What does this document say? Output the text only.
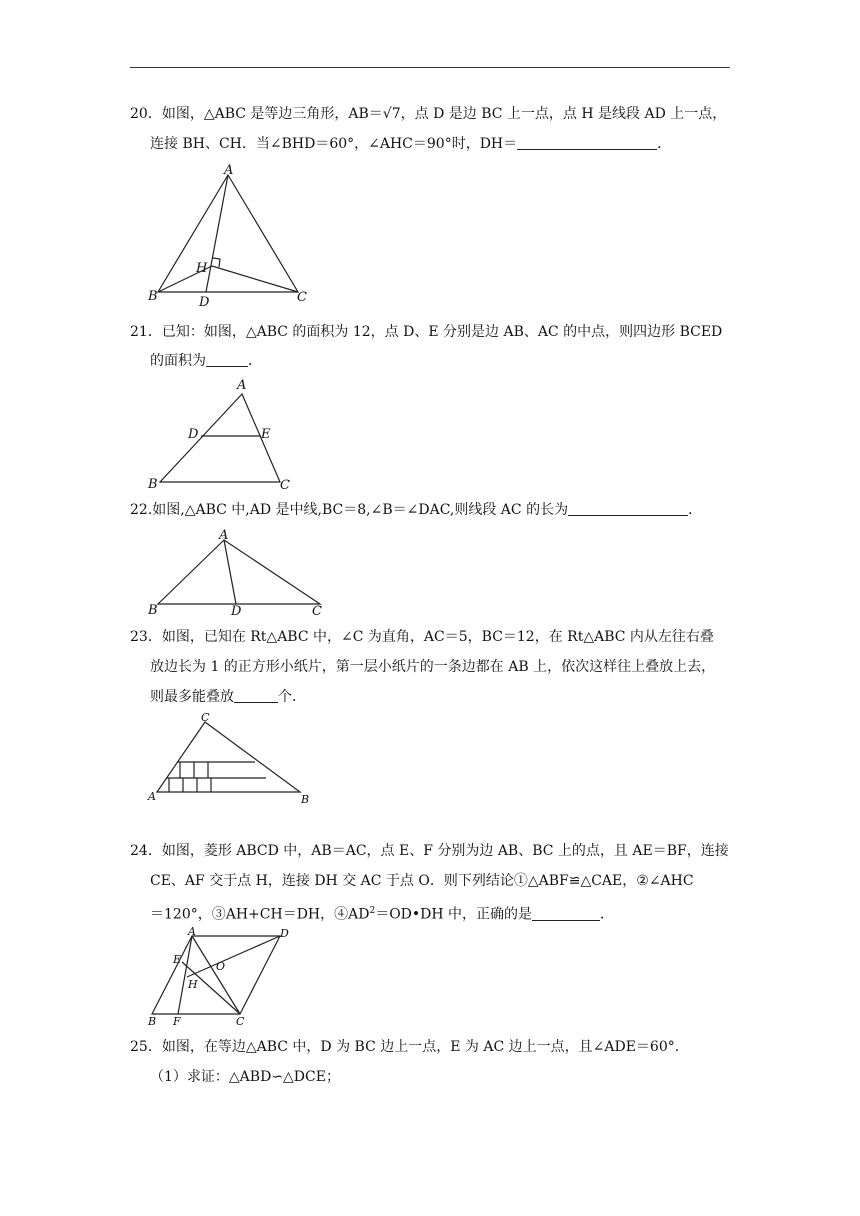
20．如图，△ABC 是等边三角形，AB＝√7，点 D 是边 BC 上一点，点 H 是线段 AD 上一点，
连接 BH、CH．当∠BHD＝60°，∠AHC＝90°时，DH＝	．
A
H
B	D	C
21．已知：如图，△ABC 的面积为 12，点 D、E 分别是边 AB、AC 的中点，则四边形 BCED
的面积为	．
A
D	E
B	C
22.如图,△ABC 中,AD 是中线,BC＝8,∠B＝∠DAC,则线段 AC 的长为	．
A
B	D	C
23．如图，已知在 Rt△ABC 中，∠C 为直角，AC＝5，BC＝12，在 Rt△ABC 内从左往右叠
放边长为 1 的正方形小纸片，第一层小纸片的一条边都在 AB 上，依次这样往上叠放上去，
则最多能叠放	个．
C
A	B
24．如图，菱形 ABCD 中，AB＝AC，点 E、F 分别为边 AB、BC 上的点，且 AE＝BF，连接
CE、AF 交于点 H，连接 DH 交 AC 于点 O．则下列结论①△ABF≌△CAE，②∠AHC
＝120°，③AH+CH＝DH，$④AD^2=OD•DH$ 中，正确的是	．
A	D
E
O
H
B F	C
25．如图，在等边△ABC 中，D 为 BC 边上一点，E 为 AC 边上一点，且∠ADE＝60°．
（1）求证：△ABD∽△DCE；
